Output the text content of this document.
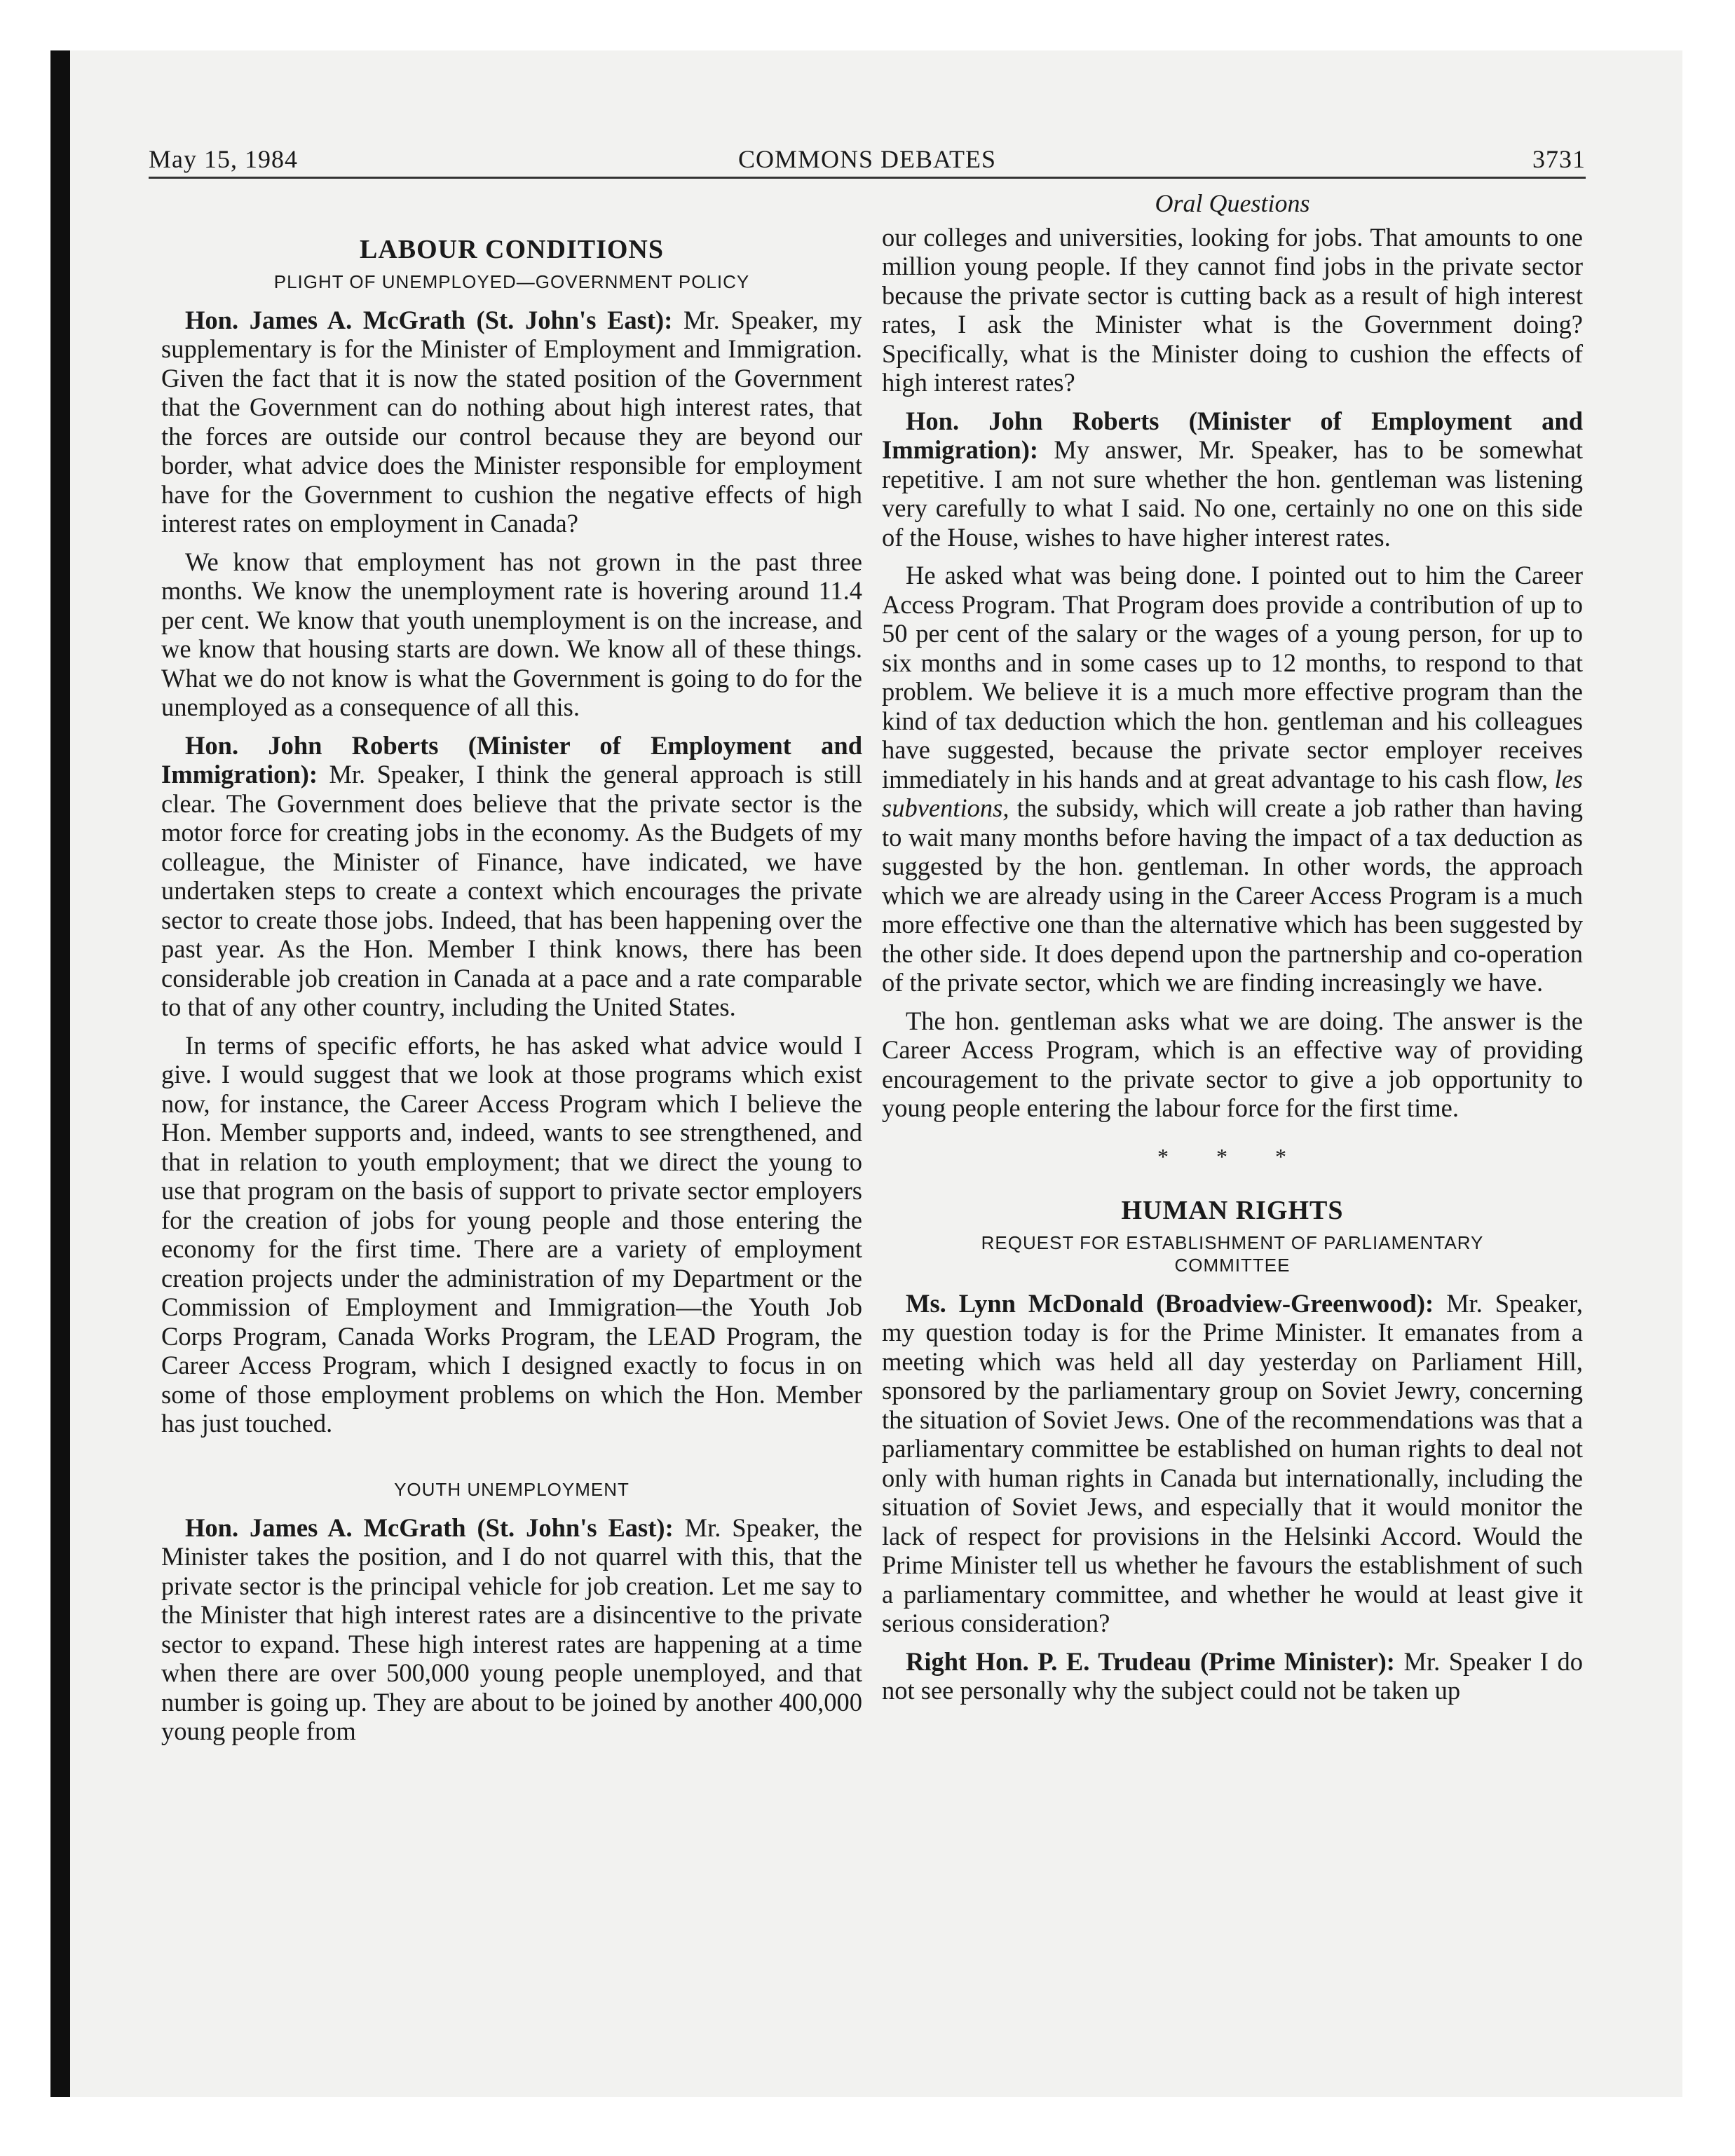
COMMONS DEBATES
May 15, 1984	3731
LABOUR CONDITIONS
PLIGHT OF UNEMPLOYED—GOVERNMENT POLICY

Hon. James A. McGrath (St. John's East): Mr. Speaker, my supplementary is for the Minister of Employment and Immigration. Given the fact that it is now the stated position of the Government that the Government can do nothing about high interest rates, that the forces are outside our control because they are beyond our border, what advice does the Minister responsible for employment have for the Government to cushion the negative effects of high interest rates on employment in Canada?

We know that employment has not grown in the past three months. We know the unemployment rate is hovering around 11.4 per cent. We know that youth unemployment is on the increase, and we know that housing starts are down. We know all of these things. What we do not know is what the Government is going to do for the unemployed as a consequence of all this.

Hon. John Roberts (Minister of Employment and Immigration): Mr. Speaker, I think the general approach is still clear. The Government does believe that the private sector is the motor force for creating jobs in the economy. As the Budgets of my colleague, the Minister of Finance, have indicated, we have undertaken steps to create a context which encourages the private sector to create those jobs. Indeed, that has been happening over the past year. As the Hon. Member I think knows, there has been considerable job creation in Canada at a pace and a rate comparable to that of any other country, including the United States.

In terms of specific efforts, he has asked what advice would I give. I would suggest that we look at those programs which exist now, for instance, the Career Access Program which I believe the Hon. Member supports and, indeed, wants to see strengthened, and that in relation to youth employment; that we direct the young to use that program on the basis of support to private sector employers for the creation of jobs for young people and those entering the economy for the first time. There are a variety of employment creation projects under the administration of my Department or the Commission of Employment and Immigration—the Youth Job Corps Program, Canada Works Program, the LEAD Program, the Career Access Program, which I designed exactly to focus in on some of those employment problems on which the Hon. Member has just touched.

YOUTH UNEMPLOYMENT

Hon. James A. McGrath (St. John's East): Mr. Speaker, the Minister takes the position, and I do not quarrel with this, that the private sector is the principal vehicle for job creation. Let me say to the Minister that high interest rates are a disincentive to the private sector to expand. These high interest rates are happening at a time when there are over 500,000 young people unemployed, and that number is going up. They are about to be joined by another 400,000 young people from

Oral Questions

our colleges and universities, looking for jobs. That amounts to one million young people. If they cannot find jobs in the private sector because the private sector is cutting back as a result of high interest rates, I ask the Minister what is the Government doing? Specifically, what is the Minister doing to cushion the effects of high interest rates?

Hon. John Roberts (Minister of Employment and Immigration): My answer, Mr. Speaker, has to be somewhat repetitive. I am not sure whether the hon. gentleman was listening very carefully to what I said. No one, certainly no one on this side of the House, wishes to have higher interest rates.

He asked what was being done. I pointed out to him the Career Access Program. That Program does provide a contribution of up to 50 per cent of the salary or the wages of a young person, for up to six months and in some cases up to 12 months, to respond to that problem. We believe it is a much more effective program than the kind of tax deduction which the hon. gentleman and his colleagues have suggested, because the private sector employer receives immediately in his hands and at great advantage to his cash flow, les subventions, the subsidy, which will create a job rather than having to wait many months before having the impact of a tax deduction as suggested by the hon. gentleman. In other words, the approach which we are already using in the Career Access Program is a much more effective one than the alternative which has been suggested by the other side. It does depend upon the partnership and co-operation of the private sector, which we are finding increasingly we have.

The hon. gentleman asks what we are doing. The answer is the Career Access Program, which is an effective way of providing encouragement to the private sector to give a job opportunity to young people entering the labour force for the first time.

* * *
HUMAN RIGHTS
REQUEST FOR ESTABLISHMENT OF PARLIAMENTARY COMMITTEE

Ms. Lynn McDonald (Broadview-Greenwood): Mr. Speaker, my question today is for the Prime Minister. It emanates from a meeting which was held all day yesterday on Parliament Hill, sponsored by the parliamentary group on Soviet Jewry, concerning the situation of Soviet Jews. One of the recommendations was that a parliamentary committee be established on human rights to deal not only with human rights in Canada but internationally, including the situation of Soviet Jews, and especially that it would monitor the lack of respect for provisions in the Helsinki Accord. Would the Prime Minister tell us whether he favours the establishment of such a parliamentary committee, and whether he would at least give it serious consideration?

Right Hon. P. E. Trudeau (Prime Minister): Mr. Speaker I do not see personally why the subject could not be taken up
